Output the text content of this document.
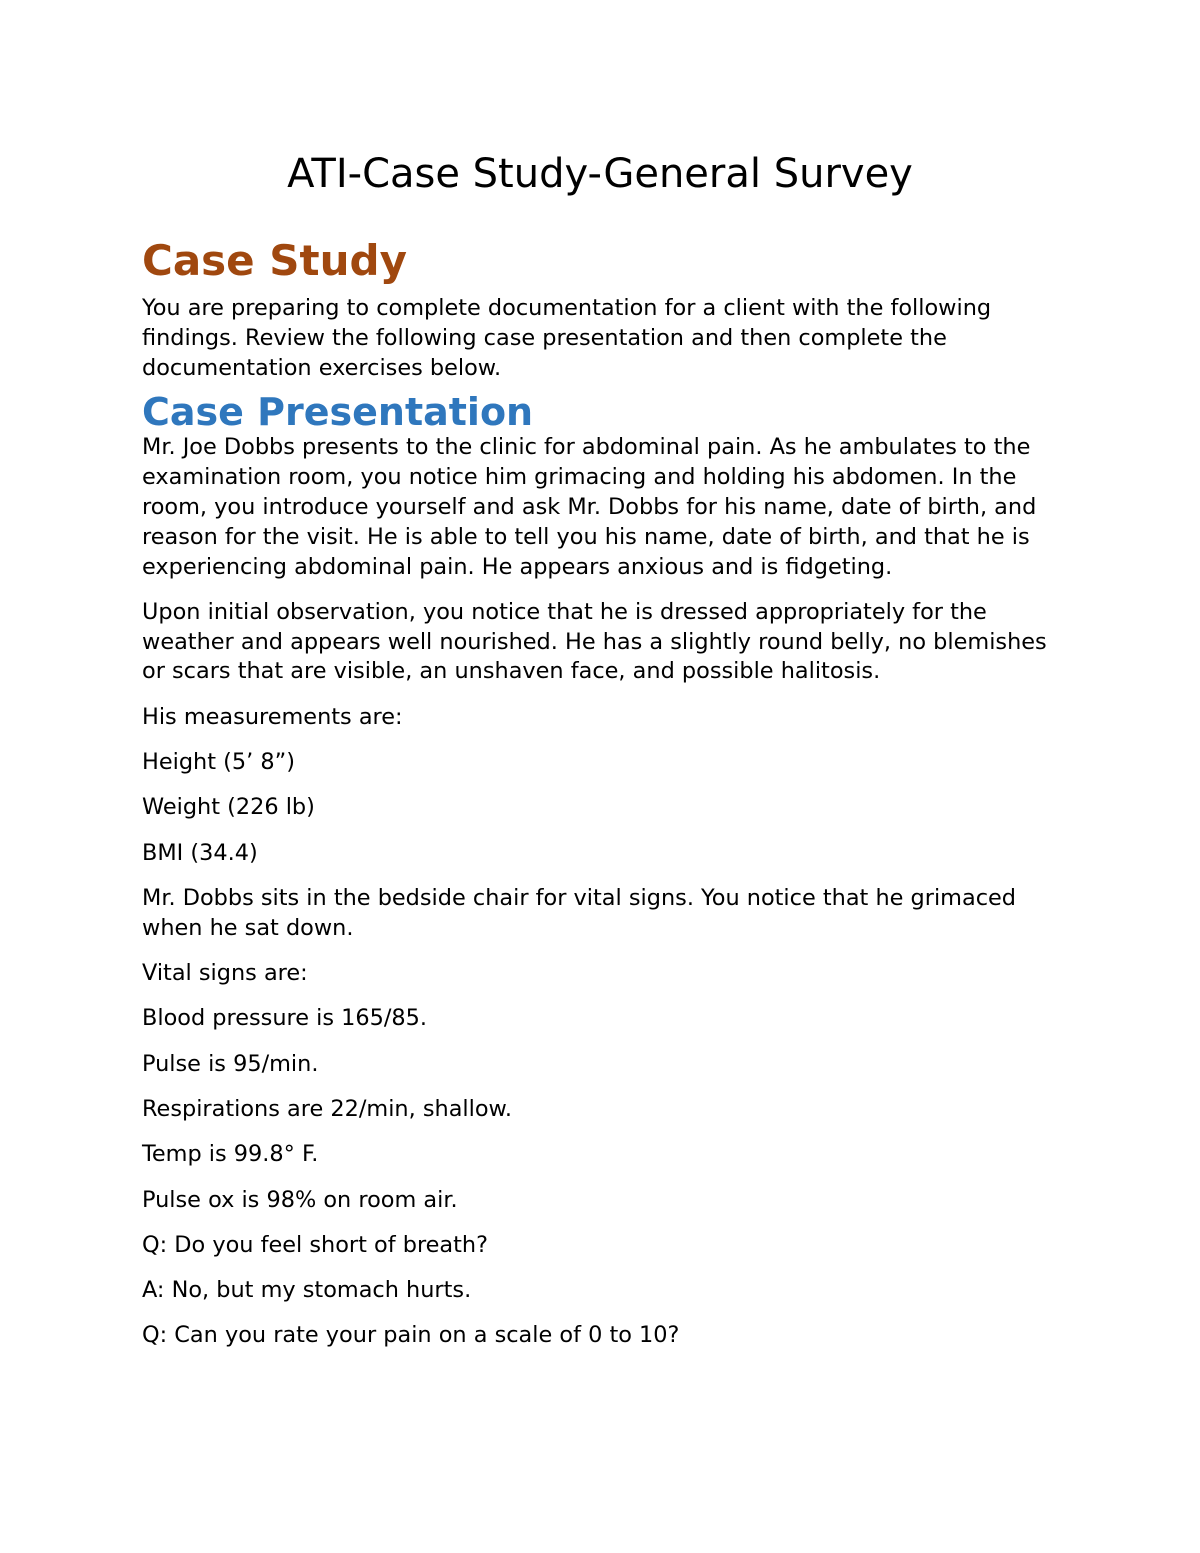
ATI-Case Study-General Survey
Case Study

You are preparing to complete documentation for a client with the following findings. Review the following case presentation and then complete the documentation exercises below.

Case Presentation

Mr. Joe Dobbs presents to the clinic for abdominal pain. As he ambulates to the examination room, you notice him grimacing and holding his abdomen. In the room, you introduce yourself and ask Mr. Dobbs for his name, date of birth, and reason for the visit. He is able to tell you his name, date of birth, and that he is experiencing abdominal pain. He appears anxious and is fidgeting.

Upon initial observation, you notice that he is dressed appropriately for the weather and appears well nourished. He has a slightly round belly, no blemishes or scars that are visible, an unshaven face, and possible halitosis.

His measurements are:

Height (5’ 8”)

Weight (226 lb)

BMI (34.4)

Mr. Dobbs sits in the bedside chair for vital signs. You notice that he grimaced when he sat down.

Vital signs are:

Blood pressure is 165/85.

Pulse is 95/min.

Respirations are 22/min, shallow.

Temp is 99.8° F.

Pulse ox is 98% on room air.

Q: Do you feel short of breath?

A: No, but my stomach hurts.

Q: Can you rate your pain on a scale of 0 to 10?
